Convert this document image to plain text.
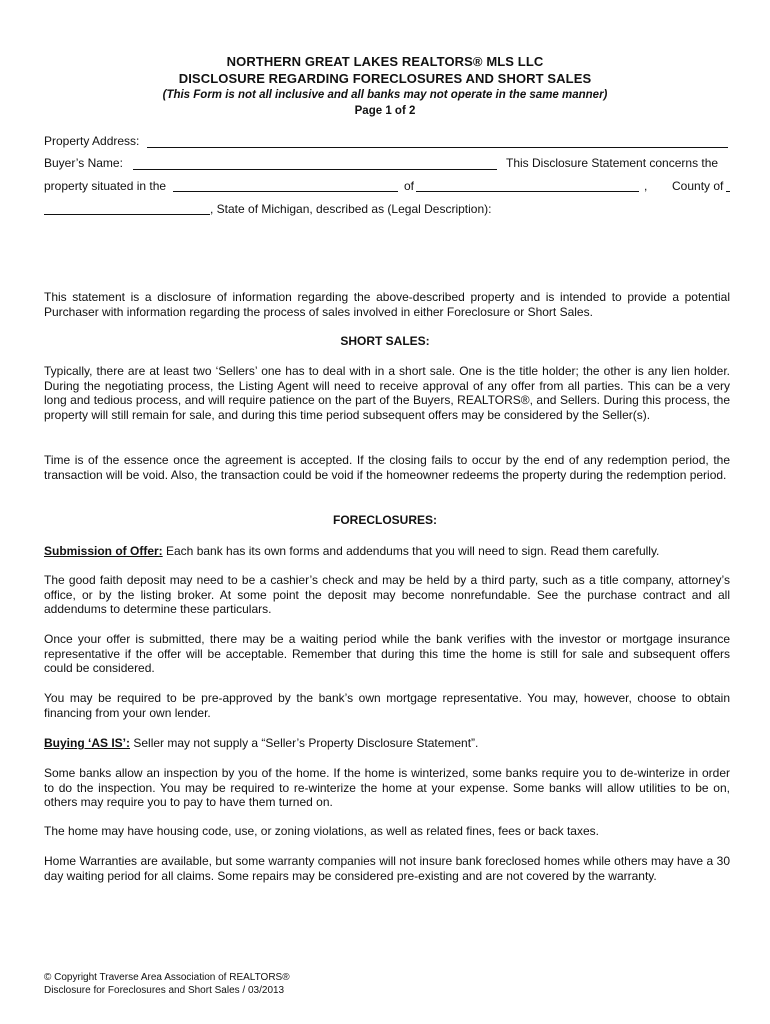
NORTHERN GREAT LAKES REALTORS® MLS LLC
DISCLOSURE REGARDING FORECLOSURES AND SHORT SALES
(This Form is not all inclusive and all banks may not operate in the same manner)
Page 1 of 2
Property Address:
Buyer’s Name:	This Disclosure Statement concerns the
property situated in the	of	, County of
, State of Michigan, described as (Legal Description):

This statement is a disclosure of information regarding the above-described property and is intended to provide a potential Purchaser with information regarding the process of sales involved in either Foreclosure or Short Sales.

SHORT SALES:

Typically, there are at least two ‘Sellers’ one has to deal with in a short sale. One is the title holder; the other is any lien holder. During the negotiating process, the Listing Agent will need to receive approval of any offer from all parties. This can be a very long and tedious process, and will require patience on the part of the Buyers, REALTORS®, and Sellers. During this process, the property will still remain for sale, and during this time period subsequent offers may be considered by the Seller(s).

Time is of the essence once the agreement is accepted. If the closing fails to occur by the end of any redemption period, the transaction will be void. Also, the transaction could be void if the homeowner redeems the property during the redemption period.

FORECLOSURES:

Submission of Offer: Each bank has its own forms and addendums that you will need to sign. Read them carefully.

The good faith deposit may need to be a cashier’s check and may be held by a third party, such as a title company, attorney’s office, or by the listing broker. At some point the deposit may become nonrefundable. See the purchase contract and all addendums to determine these particulars.

Once your offer is submitted, there may be a waiting period while the bank verifies with the investor or mortgage insurance representative if the offer will be acceptable. Remember that during this time the home is still for sale and subsequent offers could be considered.

You may be required to be pre-approved by the bank’s own mortgage representative. You may, however, choose to obtain financing from your own lender.

Buying ‘AS IS’: Seller may not supply a “Seller’s Property Disclosure Statement”.

Some banks allow an inspection by you of the home. If the home is winterized, some banks require you to de-winterize in order to do the inspection. You may be required to re-winterize the home at your expense. Some banks will allow utilities to be on, others may require you to pay to have them turned on.

The home may have housing code, use, or zoning violations, as well as related fines, fees or back taxes.

Home Warranties are available, but some warranty companies will not insure bank foreclosed homes while others may have a 30 day waiting period for all claims. Some repairs may be considered pre-existing and are not covered by the warranty.

© Copyright Traverse Area Association of REALTORS®
Disclosure for Foreclosures and Short Sales / 03/2013
